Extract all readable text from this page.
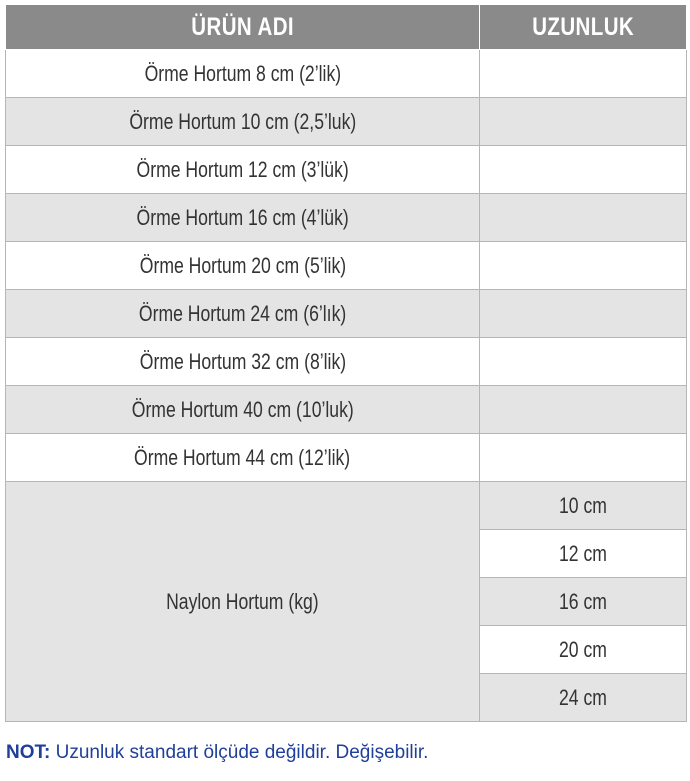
ÜRÜN ADI	UZUNLUK
Örme Hortum 8 cm (2’lik)	
Örme Hortum 10 cm (2,5’luk)	
Örme Hortum 12 cm (3’lük)	
Örme Hortum 16 cm (4’lük)	
Örme Hortum 20 cm (5’lik)	
Örme Hortum 24 cm (6’lık)	
Örme Hortum 32 cm (8’lik)	
Örme Hortum 40 cm (10’luk)	
Örme Hortum 44 cm (12’lik)	
Naylon Hortum (kg)	10 cm
	12 cm
	16 cm
	20 cm
	24 cm
NOT: Uzunluk standart ölçüde değildir. Değişebilir.
